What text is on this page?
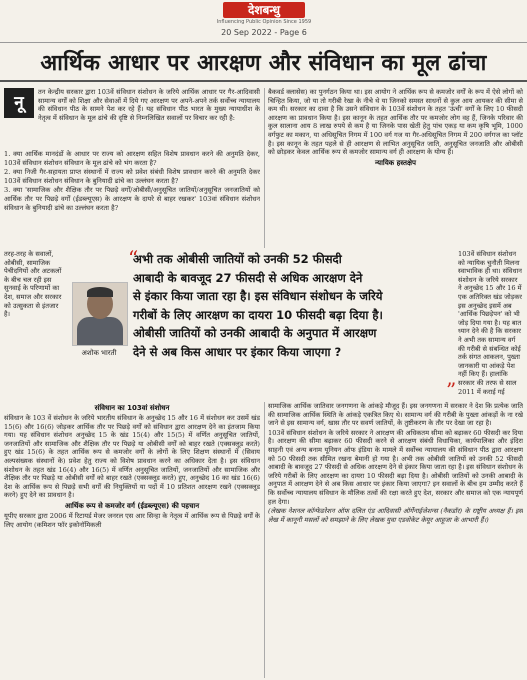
देशबन्धु
Influencing Public Opinion Since 1959
20 Sep 2022 - Page 6
आर्थिक आधार पर आरक्षण और संविधान का मूल ढांचा
नू

तन केन्द्रीय सरकार द्वारा 103वें संविधान संशोधन के जरिये आर्थिक आधार पर गैर-आदिवासी सामान्य वर्गों को शिक्षा और सेवाओं में दिये गए आरक्षण पर अपने-अपने तर्क सर्वोच्च न्यायालय की संविधान पीठ के सामने पेश कर रहे हैं। यह संविधान पीठ भारत के मुख्य न्यायाधीश के नेतृत्व में संविधान के मूल ढांचे की दृष्टि से निम्नलिखित सवालों पर विचार कर रही है:

1. क्या आर्थिक मानदंडों के आधार पर राज्य को आरक्षण सहित विशेष प्रावधान करने की अनुमति देकर, 103वें संविधान संशोधन संविधान के मूल ढांचे को भंग करता है?

2. क्या निजी गैर-सहायता प्राप्त संस्थानों में राज्य को प्रवेश संबंधी विशेष प्रावधान करने की अनुमति देकर 103वें संविधान संशोधन संविधान के बुनियादी ढांचे का उल्लंघन करता है?

3. क्या 'सामाजिक और शैक्षिक तौर पर पिछड़े वर्गों/ओबीसी/अनुसूचित जातियों/अनुसूचित जनजातियों को आर्थिक तौर पर पिछड़े वर्गों (ईडब्ल्यूएस) के आरक्षण के दायरे से बाहर रखकर' 103वां संविधान संशोधन संविधान के बुनियादी ढांचे का उल्लंघन करता है?

तरह-तरह के सवालों, ओबीसी, सामाजिक पेचीदगियों और अटकलों के बीच चल रही इस सुनवाई के परिणामों का देश, समाज और सरकार को उत्सुकता से इंतजार है।

अशोक भारती
“

अभी तक ओबीसी जातियों को उनकी 52 फीसदी

आबादी के बावजूद 27 फीसदी से अधिक आरक्षण देने

से इंकार किया जाता रहा है। इस संविधान संशोधन के जरिये

गरीबों के लिए आरक्षण का दायरा 10 फीसदी बढ़ा दिया है।

ओबीसी जातियों को उनकी आबादी के अनुपात में आरक्षण

देने से अब किस आधार पर इंकार किया जाएगा ?

”
संविधान का 103वां संशोधन

संविधान के 103 वें संशोधन के जरिये भारतीय संविधान के अनुच्छेद 15 और 16 में संशोधन कर उसमें खंड 15(6) और 16(6) जोड़कर आर्थिक तौर पर पिछड़े वर्गों को संविधान द्वारा आरक्षण देने का इंतजाम किया गया। यह संविधान संशोधन अनुच्छेद 15 के खंड 15(4) और 15(5) में वर्णित अनुसूचित जातियों, जनजातियों और सामाजिक और शैक्षिक तौर पर पिछड़े या ओबीसी वर्गों को बाहर रखते (एक्सक्लूड करते) हुए खंड 15(6) के तहत आर्थिक रूप से कमजोर वर्गों के लोगों के लिए शिक्षण संस्थानों में (सिवाय अल्पसंख्यक संस्थानों के) प्रवेश हेतु राज्य को विशेष प्रावधान करने का अधिकार देता है। इस संविधान संशोधन के तहत खंड 16(4) और 16(5) में वर्णित अनुसूचित जातियों, जनजातियों और सामाजिक और शैक्षिक तौर पर पिछड़े या ओबीसी वर्गों को बाहर रखते (एक्सक्लूड करते) हुए, अनुच्छेद 16 का खंड 16(6) देश के आर्थिक रूप से पिछड़े सभी वर्गों की नियुक्तियों या पदों में 10 प्रतिशत आरक्षण रखने (एक्सक्लूड करने) हुए देने का प्रावधान है।

आर्थिक रूप से कमजोर वर्ग (ईडब्ल्यूएस) की पहचान

यूपीए सरकार द्वारा 2006 में रिटायर्ड मेजर जनरल एस आर सिन्हा के नेतृत्व में आर्थिक रूप से पिछड़े वर्गों के लिए आयोग (कमिशन फॉर इकोनॉमिकली

बैकवर्ड क्लासेस) का पुनर्गठन किया था। इस आयोग ने आर्थिक रूप से कमजोर वर्गों के रूप में ऐसे लोगों को चिन्हित किया, जो या तो गरीबी रेखा के नीचे थे या जिनको समस्त साधनों से कुल आय आयकर की सीमा से कम थी। सरकार का दावा है कि उसने संविधान के 103वें संशोधन के तहत 'ऊंची' वर्गों के लिए 10 फीसदी आरक्षण का प्रावधान किया है। इस कानून के तहत आर्थिक तौर पर कमजोर लोग वह हैं, जिनके परिवार की कुल सालाना आय 8 लाख रुपये से कम है या जिनके पास खेती हेतु पांच एकड़ या कम कृषि भूमि, 1000 वर्गफुट का मकान, या अधिसूचित निगम में 100 वर्ग गज या गैर-अधिसूचित निगम में 200 वर्गगज का प्लॉट है। इस कानून के तहत पहले से ही आरक्षण से लाभित अनुसूचित जाति, अनुसूचित जनजाति और ओबीसी को छोड़कर केवल आर्थिक रूप से कमजोर सामान्य वर्ग ही आरक्षण के योग्य हैं।

न्यायिक हस्तक्षेप

103वें संविधान संशोधन को न्यायिक चुनौती मिलना स्वाभाविक ही था। संविधान संशोधन के जरिये सरकार ने अनुच्छेद 15 और 16 में एक अतिरिक्त खंड जोड़कर इस अनुच्छेद इसमें अब 'आर्थिक पिछड़ेपन' को भी जोड़ दिया गया है। यह बात ध्यान देने की है कि सरकार ने अभी तक सामान्य वर्ग की गरीबी से संबन्धित कोई तर्क संगत आकलन, पुख्ता जानकारी या आंकड़े पेश नहीं किए हैं। हालांकि सरकार की तरफ से साल 2011 में कराई गई

सामाजिक आर्थिक जातिवार जनगणना के आंकड़े मौजूद हैं। इस जनगणना में सरकार ने देश कि प्रत्येक जाति की सामाजिक आर्थिक स्थिति के आंकड़े एकत्रित किए थे। सामान्य वर्ग की गरीबी के पुख्ता आंकड़ों के ना रखे जाने से इस सामान्य वर्ग, खास तौर पर सवर्ण जातियों, के तुष्टीकरण के तौर पर देखा जा रहा है।

103वें संविधान संशोधन के जरिये सरकार ने आरक्षण की अधिकतम सीमा को बढ़ाकर 60 फीसदी कर दिया है। आरक्षण की सीमा बढ़ाकर 60 फीसदी करने से आरक्षण संबंधी विधायिका, कार्यपालिका और इंदिरा साहनी एवं अन्य बनाम यूनियन ऑफ इंडिया के मामले में सर्वोच्च न्यायालय की संविधान पीठ द्वारा आरक्षण को 50 फीसदी तक सीमित रखना बेमानी हो गया है। अभी तक ओबीसी जातियों को उनकी 52 फीसदी आबादी के बावजूद 27 फीसदी से अधिक आरक्षण देने से इंकार किया जाता रहा है। इस संविधान संशोधन के जरिये गरीबों के लिए आरक्षण का दायरा 10 फीसदी बढ़ा दिया है। ओबीसी जातियों को उनकी आबादी के अनुपात में आरक्षण देने से अब किस आधार पर इंकार किया जाएगा? इन सवालों के बीच हम उम्मीद करते हैं कि सर्वोच्च न्यायालय संविधान के मौलिक तत्वों की रक्षा करते हुए देश, सरकार और समाज को एक न्यायपूर्ण हल देगा।

(लेखक नेशनल कॉन्फेडरेशन ऑफ दलित एंड आदिवासी ऑर्गेनाईजेशन्स (नैकडॉर) के राष्ट्रीय अध्यक्ष हैं। इस लेख में कानूनी मसलों को समझाने के लिए लेखक युवा एडवोकेट केयूर आहूजा के आभारी हैं।)
